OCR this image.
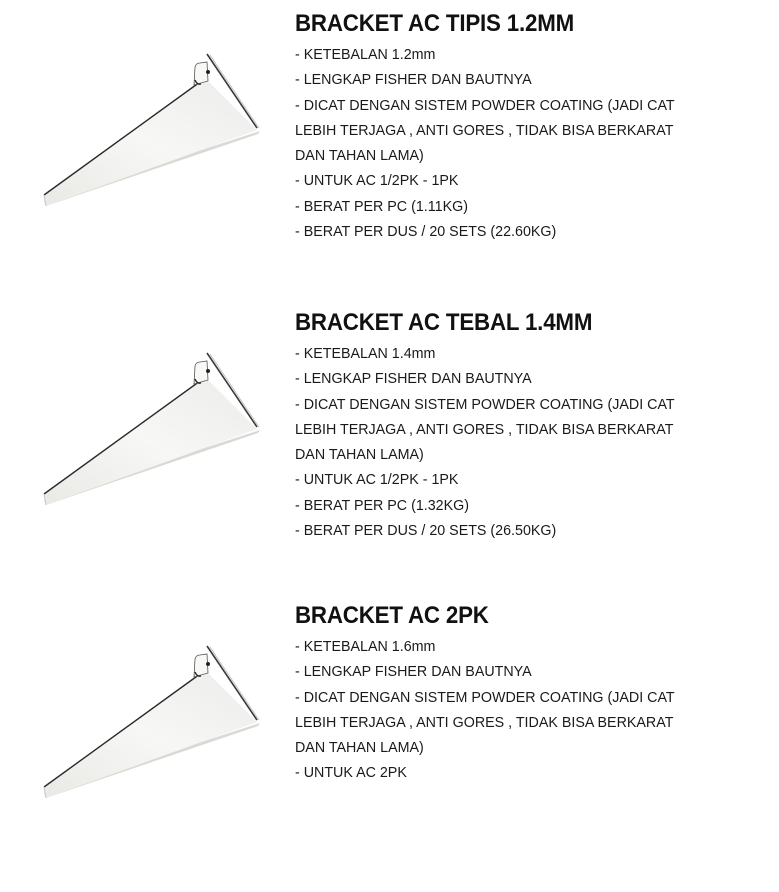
BRACKET AC TIPIS 1.2MM
- KETEBALAN 1.2mm
- LENGKAP FISHER DAN BAUTNYA
- DICAT DENGAN SISTEM POWDER COATING (JADI CAT
LEBIH TERJAGA , ANTI GORES , TIDAK BISA BERKARAT
DAN TAHAN LAMA)
- UNTUK AC 1/2PK - 1PK
- BERAT PER PC (1.11KG)
- BERAT PER DUS / 20 SETS (22.60KG)
BRACKET AC TEBAL 1.4MM
- KETEBALAN 1.4mm
- LENGKAP FISHER DAN BAUTNYA
- DICAT DENGAN SISTEM POWDER COATING (JADI CAT
LEBIH TERJAGA , ANTI GORES , TIDAK BISA BERKARAT
DAN TAHAN LAMA)
- UNTUK AC 1/2PK - 1PK
- BERAT PER PC (1.32KG)
- BERAT PER DUS / 20 SETS (26.50KG)
BRACKET AC 2PK
- KETEBALAN 1.6mm
- LENGKAP FISHER DAN BAUTNYA
- DICAT DENGAN SISTEM POWDER COATING (JADI CAT
LEBIH TERJAGA , ANTI GORES , TIDAK BISA BERKARAT
DAN TAHAN LAMA)
- UNTUK AC 2PK
